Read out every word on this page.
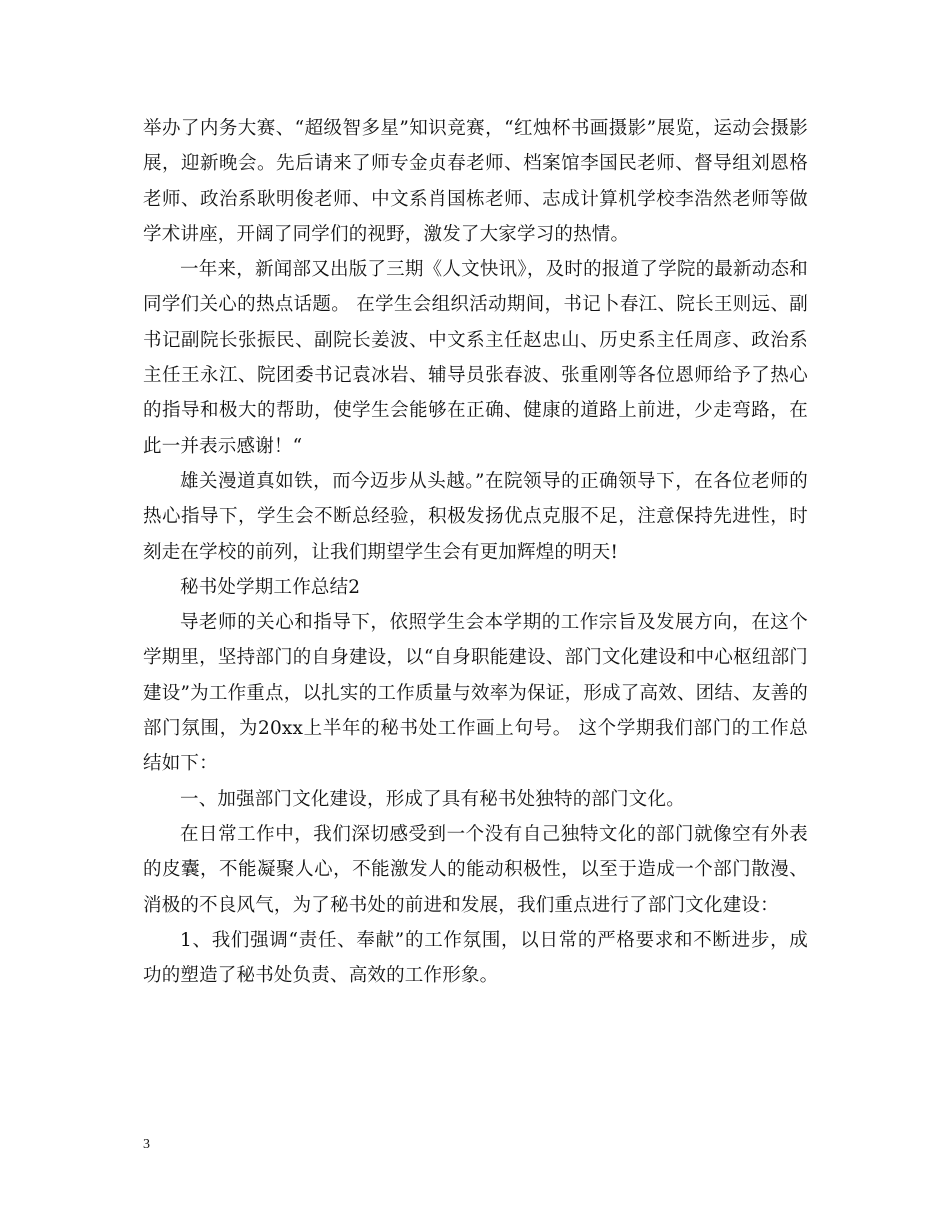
举办了内务大赛、“超级智多星”知识竞赛，“红烛杯书画摄影”展览，运动会摄影展，迎新晚会。先后请来了师专金贞春老师、档案馆李国民老师、督导组刘恩格老师、政治系耿明俊老师、中文系肖国栋老师、志成计算机学校李浩然老师等做学术讲座，开阔了同学们的视野，激发了大家学习的热情。

一年来，新闻部又出版了三期《人文快讯》，及时的报道了学院的最新动态和同学们关心的热点话题。 在学生会组织活动期间，书记卜春江、院长王则远、副书记副院长张振民、副院长姜波、中文系主任赵忠山、历史系主任周彦、政治系主任王永江、院团委书记袁冰岩、辅导员张春波、张重刚等各位恩师给予了热心的指导和极大的帮助，使学生会能够在正确、健康的道路上前进，少走弯路，在此一并表示感谢！“

雄关漫道真如铁，而今迈步从头越。”在院领导的正确领导下，在各位老师的热心指导下，学生会不断总经验，积极发扬优点克服不足，注意保持先进性，时刻走在学校的前列，让我们期望学生会有更加辉煌的明天!

秘书处学期工作总结2

导老师的关心和指导下，依照学生会本学期的工作宗旨及发展方向，在这个学期里，坚持部门的自身建设，以“自身职能建设、部门文化建设和中心枢纽部门建设”为工作重点，以扎实的工作质量与效率为保证，形成了高效、团结、友善的部门氛围，为20xx上半年的秘书处工作画上句号。 这个学期我们部门的工作总结如下：

一、加强部门文化建设，形成了具有秘书处独特的部门文化。

在日常工作中，我们深切感受到一个没有自己独特文化的部门就像空有外表的皮囊，不能凝聚人心，不能激发人的能动积极性，以至于造成一个部门散漫、消极的不良风气，为了秘书处的前进和发展，我们重点进行了部门文化建设：

1、我们强调“责任、奉献”的工作氛围，以日常的严格要求和不断进步，成功的塑造了秘书处负责、高效的工作形象。

3
